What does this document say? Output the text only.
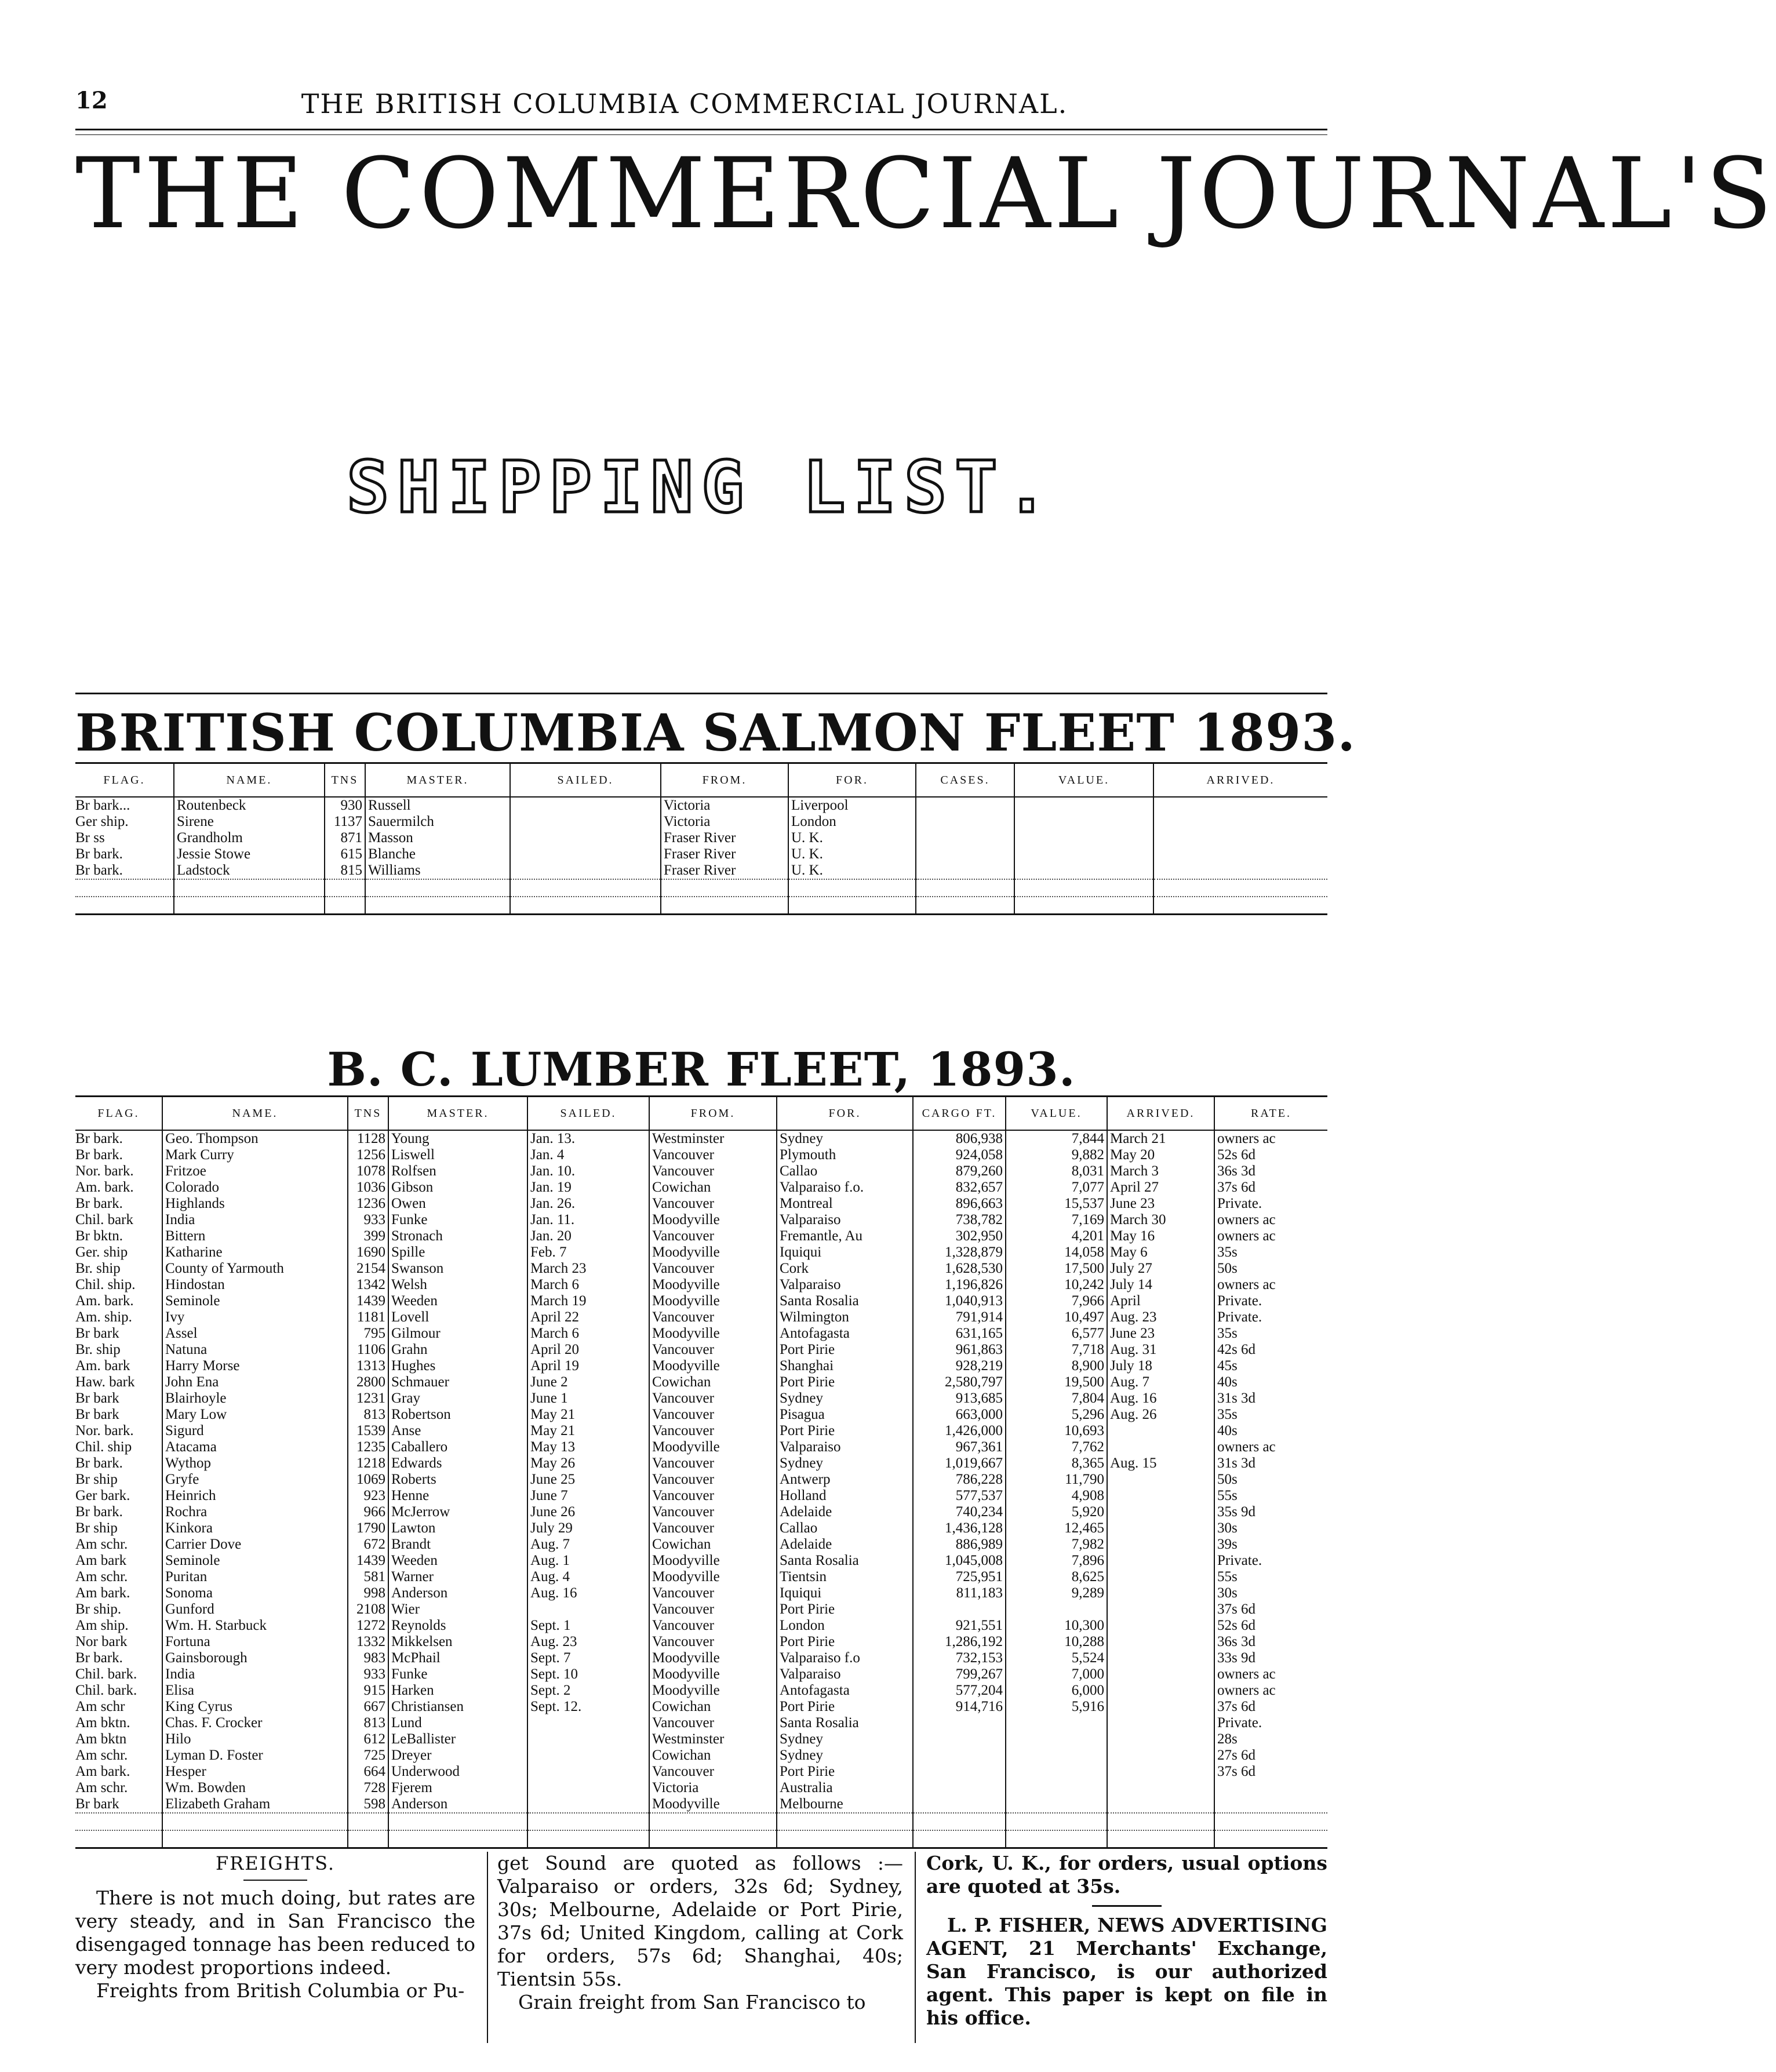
12	THE BRITISH COLUMBIA COMMERCIAL JOURNAL.
THE COMMERCIAL JOURNAL'S
SHIPPING LIST.
BRITISH COLUMBIA SALMON FLEET 1893.
FLAG.	NAME.	TNS	MASTER.	SAILED.	FROM.	FOR.	CASES.	VALUE.	ARRIVED.
Br bark...	Routenbeck	930	Russell		Victoria	Liverpool			
Ger ship.	Sirene	1137	Sauermilch		Victoria	London			
Br ss	Grandholm	871	Masson		Fraser River	U. K.			
Br bark.	Jessie Stowe	615	Blanche		Fraser River	U. K.			
Br bark.	Ladstock	815	Williams		Fraser River	U. K.			

B. C. LUMBER FLEET, 1893.
FLAG.	NAME.	TNS	MASTER.	SAILED.	FROM.	FOR.	CARGO FT.	VALUE.	ARRIVED.	RATE.
Br bark.	Geo. Thompson	1128	Young	Jan. 13.	Westminster	Sydney	806,938	7,844	March 21	owners ac
Br bark.	Mark Curry	1256	Liswell	Jan. 4	Vancouver	Plymouth	924,058	9,882	May 20	52s 6d
Nor. bark.	Fritzoe	1078	Rolfsen	Jan. 10.	Vancouver	Callao	879,260	8,031	March 3	36s 3d
Am. bark.	Colorado	1036	Gibson	Jan. 19	Cowichan	Valparaiso f.o.	832,657	7,077	April 27	37s 6d
Br bark.	Highlands	1236	Owen	Jan. 26.	Vancouver	Montreal	896,663	15,537	June 23	Private.
Chil. bark	India	933	Funke	Jan. 11.	Moodyville	Valparaiso	738,782	7,169	March 30	owners ac
Br bktn.	Bittern	399	Stronach	Jan. 20	Vancouver	Fremantle, Au	302,950	4,201	May 16	owners ac
Ger. ship	Katharine	1690	Spille	Feb. 7	Moodyville	Iquiqui	1,328,879	14,058	May 6	35s
Br. ship	County of Yarmouth	2154	Swanson	March 23	Vancouver	Cork	1,628,530	17,500	July 27	50s
Chil. ship.	Hindostan	1342	Welsh	March 6	Moodyville	Valparaiso	1,196,826	10,242	July 14	owners ac
Am. bark.	Seminole	1439	Weeden	March 19	Moodyville	Santa Rosalia	1,040,913	7,966	April	Private.
Am. ship.	Ivy	1181	Lovell	April 22	Vancouver	Wilmington	791,914	10,497	Aug. 23	Private.
Br bark	Assel	795	Gilmour	March 6	Moodyville	Antofagasta	631,165	6,577	June 23	35s
Br. ship	Natuna	1106	Grahn	April 20	Vancouver	Port Pirie	961,863	7,718	Aug. 31	42s 6d
Am. bark	Harry Morse	1313	Hughes	April 19	Moodyville	Shanghai	928,219	8,900	July 18	45s
Haw. bark	John Ena	2800	Schmauer	June 2	Cowichan	Port Pirie	2,580,797	19,500	Aug. 7	40s
Br bark	Blairhoyle	1231	Gray	June 1	Vancouver	Sydney	913,685	7,804	Aug. 16	31s 3d
Br bark	Mary Low	813	Robertson	May 21	Vancouver	Pisagua	663,000	5,296	Aug. 26	35s
Nor. bark.	Sigurd	1539	Anse	May 21	Vancouver	Port Pirie	1,426,000	10,693		40s
Chil. ship	Atacama	1235	Caballero	May 13	Moodyville	Valparaiso	967,361	7,762		owners ac
Br bark.	Wythop	1218	Edwards	May 26	Vancouver	Sydney	1,019,667	8,365	Aug. 15	31s 3d
Br ship	Gryfe	1069	Roberts	June 25	Vancouver	Antwerp	786,228	11,790		50s
Ger bark.	Heinrich	923	Henne	June 7	Vancouver	Holland	577,537	4,908		55s
Br bark.	Rochra	966	McJerrow	June 26	Vancouver	Adelaide	740,234	5,920		35s 9d
Br ship	Kinkora	1790	Lawton	July 29	Vancouver	Callao	1,436,128	12,465		30s
Am schr.	Carrier Dove	672	Brandt	Aug. 7	Cowichan	Adelaide	886,989	7,982		39s
Am bark	Seminole	1439	Weeden	Aug. 1	Moodyville	Santa Rosalia	1,045,008	7,896		Private.
Am schr.	Puritan	581	Warner	Aug. 4	Moodyville	Tientsin	725,951	8,625		55s
Am bark.	Sonoma	998	Anderson	Aug. 16	Vancouver	Iquiqui	811,183	9,289		30s
Br ship.	Gunford	2108	Wier		Vancouver	Port Pirie				37s 6d
Am ship.	Wm. H. Starbuck	1272	Reynolds	Sept. 1	Vancouver	London	921,551	10,300		52s 6d
Nor bark	Fortuna	1332	Mikkelsen	Aug. 23	Vancouver	Port Pirie	1,286,192	10,288		36s 3d
Br bark.	Gainsborough	983	McPhail	Sept. 7	Moodyville	Valparaiso f.o	732,153	5,524		33s 9d
Chil. bark.	India	933	Funke	Sept. 10	Moodyville	Valparaiso	799,267	7,000		owners ac
Chil. bark.	Elisa	915	Harken	Sept. 2	Moodyville	Antofagasta	577,204	6,000		owners ac
Am schr	King Cyrus	667	Christiansen	Sept. 12.	Cowichan	Port Pirie	914,716	5,916		37s 6d
Am bktn.	Chas. F. Crocker	813	Lund		Vancouver	Santa Rosalia				Private.
Am bktn	Hilo	612	LeBallister		Westminster	Sydney				28s
Am schr.	Lyman D. Foster	725	Dreyer		Cowichan	Sydney				27s 6d
Am bark.	Hesper	664	Underwood		Vancouver	Port Pirie				37s 6d
Am schr.	Wm. Bowden	728	Fjerem		Victoria	Australia				
Br bark	Elizabeth Graham	598	Anderson		Moodyville	Melbourne				

FREIGHTS.

There is not much doing, but rates are very steady, and in San Francisco the disengaged tonnage has been reduced to very modest proportions indeed.

Freights from British Columbia or Pu-

get Sound are quoted as follows :—Valparaiso or orders, 32s 6d; Sydney, 30s; Melbourne, Adelaide or Port Pirie, 37s 6d; United Kingdom, calling at Cork for orders, 57s 6d; Shanghai, 40s; Tientsin 55s.

Grain freight from San Francisco to

Cork, U. K., for orders, usual options are quoted at 35s.

L. P. FISHER, NEWS ADVERTISING AGENT, 21 Merchants' Exchange, San Francisco, is our authorized agent. This paper is kept on file in his office.
